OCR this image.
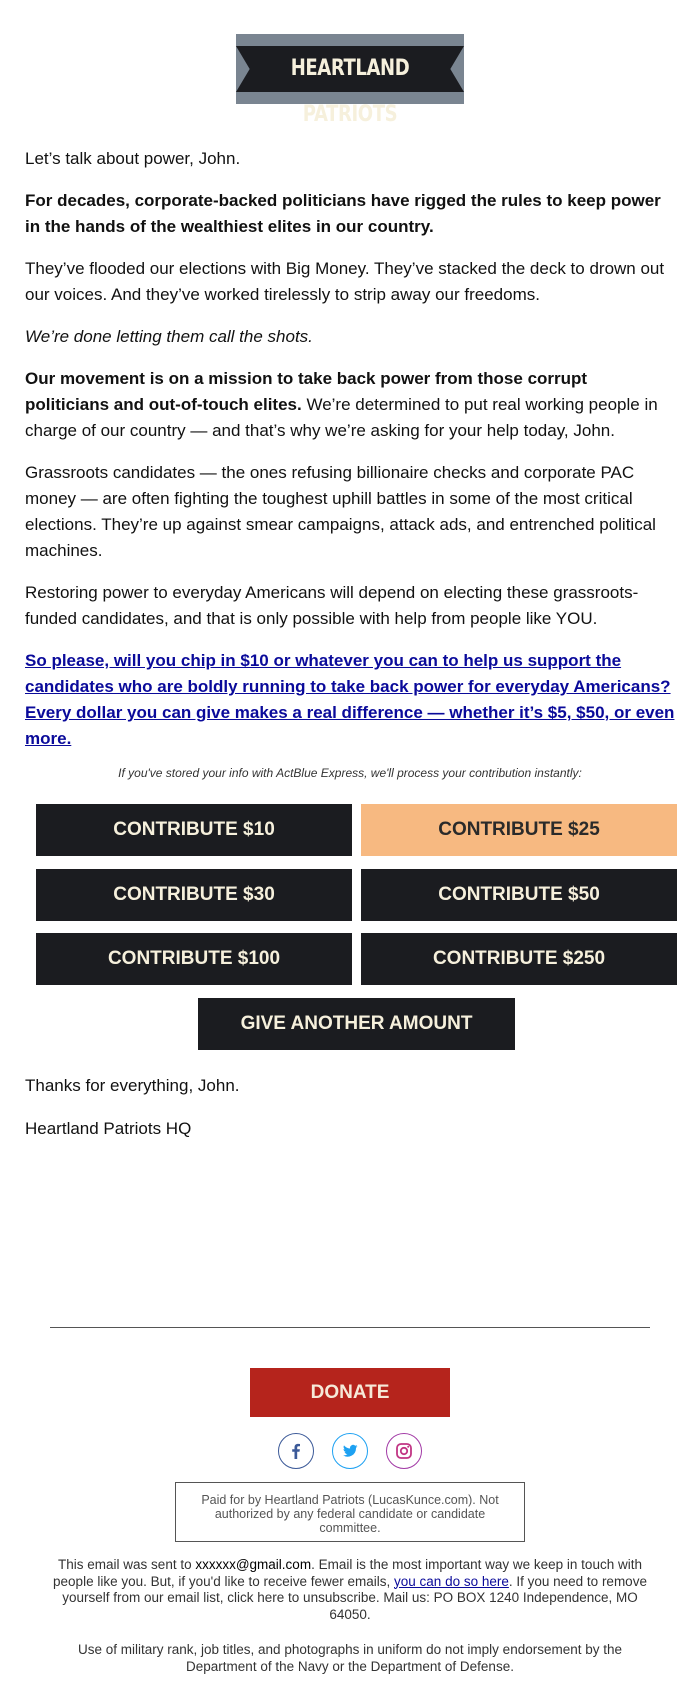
HEARTLAND PATRIOTS

Let’s talk about power, John.

For decades, corporate-backed politicians have rigged the rules to keep power in the hands of the wealthiest elites in our country.

They’ve flooded our elections with Big Money. They’ve stacked the deck to drown out our voices. And they’ve worked tirelessly to strip away our freedoms.

We’re done letting them call the shots.

Our movement is on a mission to take back power from those corrupt politicians and out-of-touch elites. We’re determined to put real working people in charge of our country — and that’s why we’re asking for your help today, John.

Grassroots candidates — the ones refusing billionaire checks and corporate PAC money — are often fighting the toughest uphill battles in some of the most critical elections. They’re up against smear campaigns, attack ads, and entrenched political machines.

Restoring power to everyday Americans will depend on electing these grassroots-funded candidates, and that is only possible with help from people like YOU.

So please, will you chip in $10 or whatever you can to help us support the candidates who are boldly running to take back power for everyday Americans? Every dollar you can give makes a real difference — whether it’s $5, $50, or even more.
If you've stored your info with ActBlue Express, we'll process your contribution instantly:
CONTRIBUTE $10	CONTRIBUTE $25
CONTRIBUTE $30	CONTRIBUTE $50
CONTRIBUTE $100	CONTRIBUTE $250
GIVE ANOTHER AMOUNT

Thanks for everything, John.

Heartland Patriots HQ

DONATE
Paid for by Heartland Patriots (LucasKunce.com). Not authorized by any federal candidate or candidate committee.
This email was sent to xxxxxx@gmail.com. Email is the most important way we keep in touch with people like you. But, if you'd like to receive fewer emails, you can do so here. If you need to remove yourself from our email list, click here to unsubscribe. Mail us: PO BOX 1240 Independence, MO 64050.
Use of military rank, job titles, and photographs in uniform do not imply endorsement by the Department of the Navy or the Department of Defense.
